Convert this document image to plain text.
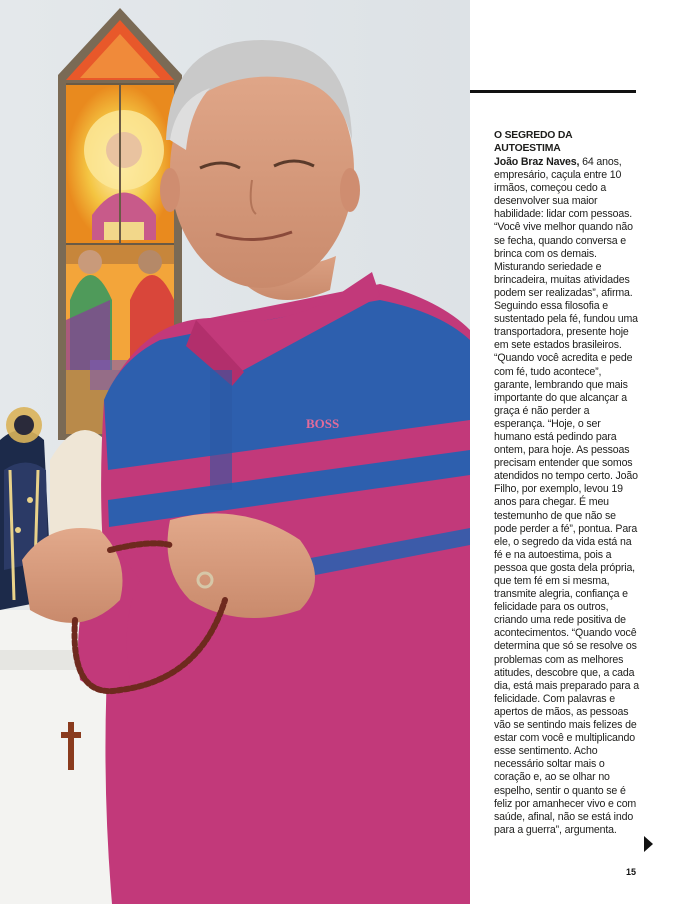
BOSS
O SEGREDO DA AUTOESTIMA

João Braz Naves, 64 anos, empresário, caçula entre 10 irmãos, começou cedo a desenvolver sua maior habilidade: lidar com pessoas. “Você vive melhor quando não se fecha, quando conversa e brinca com os demais. Misturando seriedade e brincadeira, muitas atividades podem ser realizadas”, afirma. Seguindo essa filosofia e sustentado pela fé, fundou uma transportadora, presente hoje em sete estados brasileiros. “Quando você acredita e pede com fé, tudo acontece”, garante, lembrando que mais importante do que alcançar a graça é não perder a esperança. “Hoje, o ser humano está pedindo para ontem, para hoje. As pessoas precisam entender que somos atendidos no tempo certo. João Filho, por exemplo, levou 19 anos para chegar. É meu testemunho de que não se pode perder a fé”, pontua. Para ele, o segredo da vida está na fé e na autoestima, pois a pessoa que gosta dela própria, que tem fé em si mesma, transmite alegria, confiança e felicidade para os outros, criando uma rede positiva de acontecimentos. “Quando você determina que só se resolve os problemas com as melhores atitudes, descobre que, a cada dia, está mais preparado para a felicidade. Com palavras e apertos de mãos, as pessoas vão se sentindo mais felizes de estar com você e multiplicando esse sentimento. Acho necessário soltar mais o coração e, ao se olhar no espelho, sentir o quanto se é feliz por amanhecer vivo e com saúde, afinal, não se está indo para a guerra”, argumenta.

15
